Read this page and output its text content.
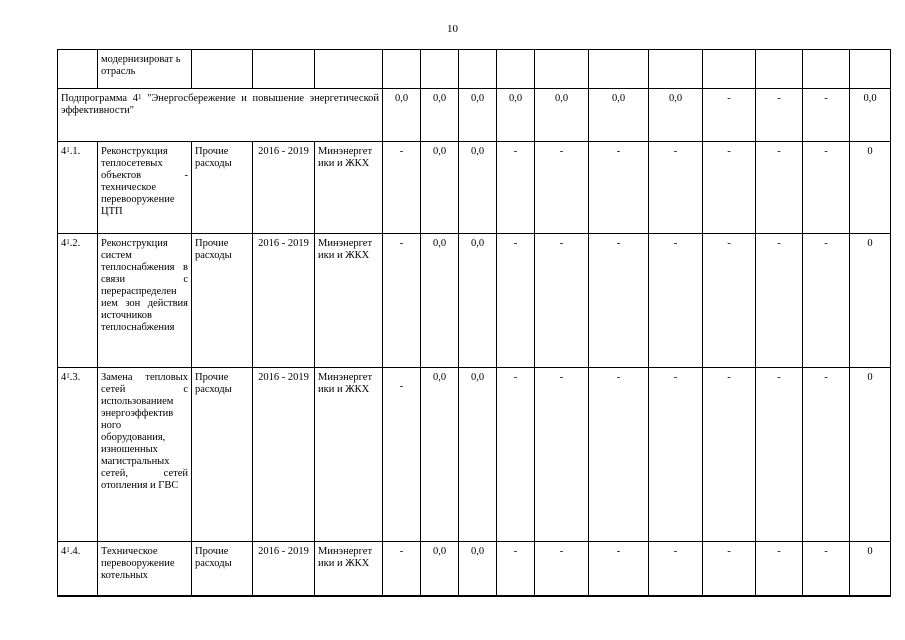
10
	модернизироват ь отрасль														
Подпрограмма $4^1$ "Энергосбережение и повышение энергетической эффективности"					0,0	0,0	0,0	0,0	0,0	0,0	0,0	-	-	-	0,0
$4^1.1$.	Реконструкция теплосетевых объектов - техническое перевооружение ЦТП	Прочие расходы	2016 - 2019	Минэнергет ики и ЖКХ	-	0,0	0,0	-	-	-	-	-	-	-	0
$4^1.2$.	Реконструкция систем теплоснабжения в связи с перераспределен ием зон действия источников теплоснабжения	Прочие расходы	2016 - 2019	Минэнергет ики и ЖКХ	-	0,0	0,0	-	-	-	-	-	-	-	0
$4^1.3$.	Замена тепловых сетей с использованием энергоэффектив ного оборудования, изношенных магистральных сетей, сетей отопления и ГВС	Прочие расходы	2016 - 2019	Минэнергет ики и ЖКХ	-	0,0	0,0	-	-	-	-	-	-	-	0
$4^1.4$.	Техническое перевооружение котельных	Прочие расходы	2016 - 2019	Минэнергет ики и ЖКХ	-	0,0	0,0	-	-	-	-	-	-	-	0
